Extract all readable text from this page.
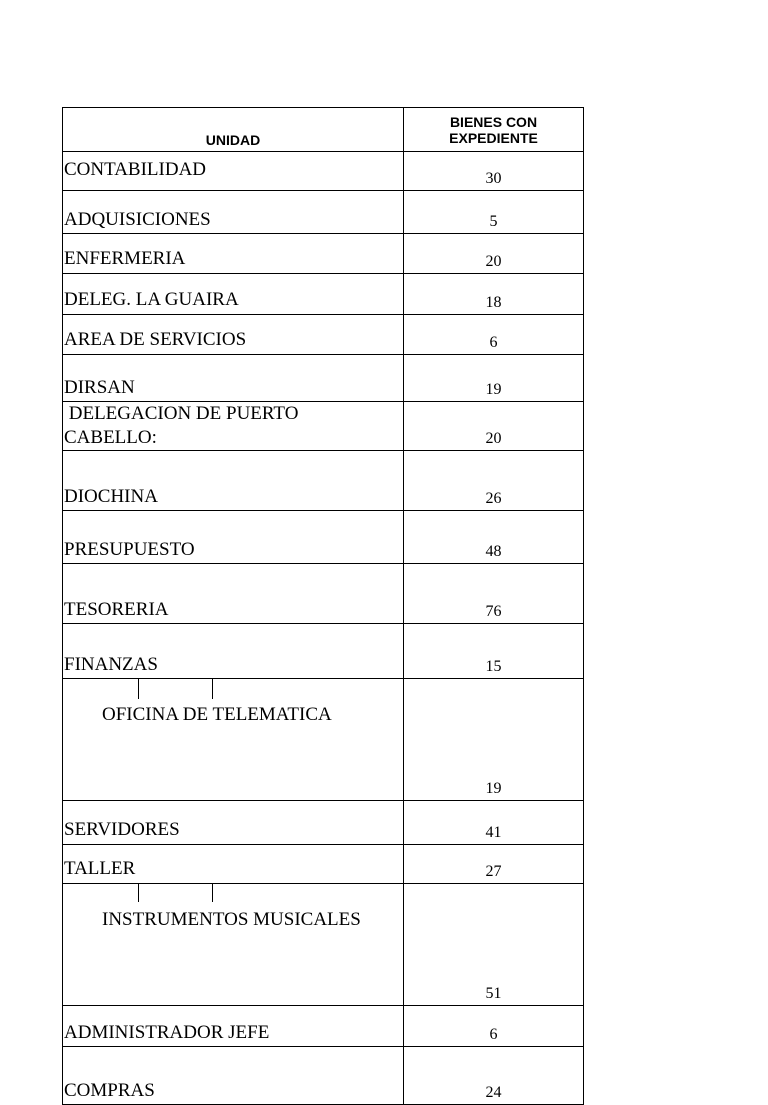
UNIDAD	BIENES CON
EXPEDIENTE
CONTABILIDAD	30
ADQUISICIONES	5
ENFERMERIA	20
DELEG. LA GUAIRA	18
AREA DE SERVICIOS	6
DIRSAN	19
DELEGACION DE PUERTO
CABELLO:	20
DIOCHINA	26
PRESUPUESTO	48
TESORERIA	76
FINANZAS	15

OFICINA DE TELEMATICA	19
SERVIDORES	41
TALLER	27

INSTRUMENTOS MUSICALES	51
ADMINISTRADOR JEFE	6
COMPRAS	24
